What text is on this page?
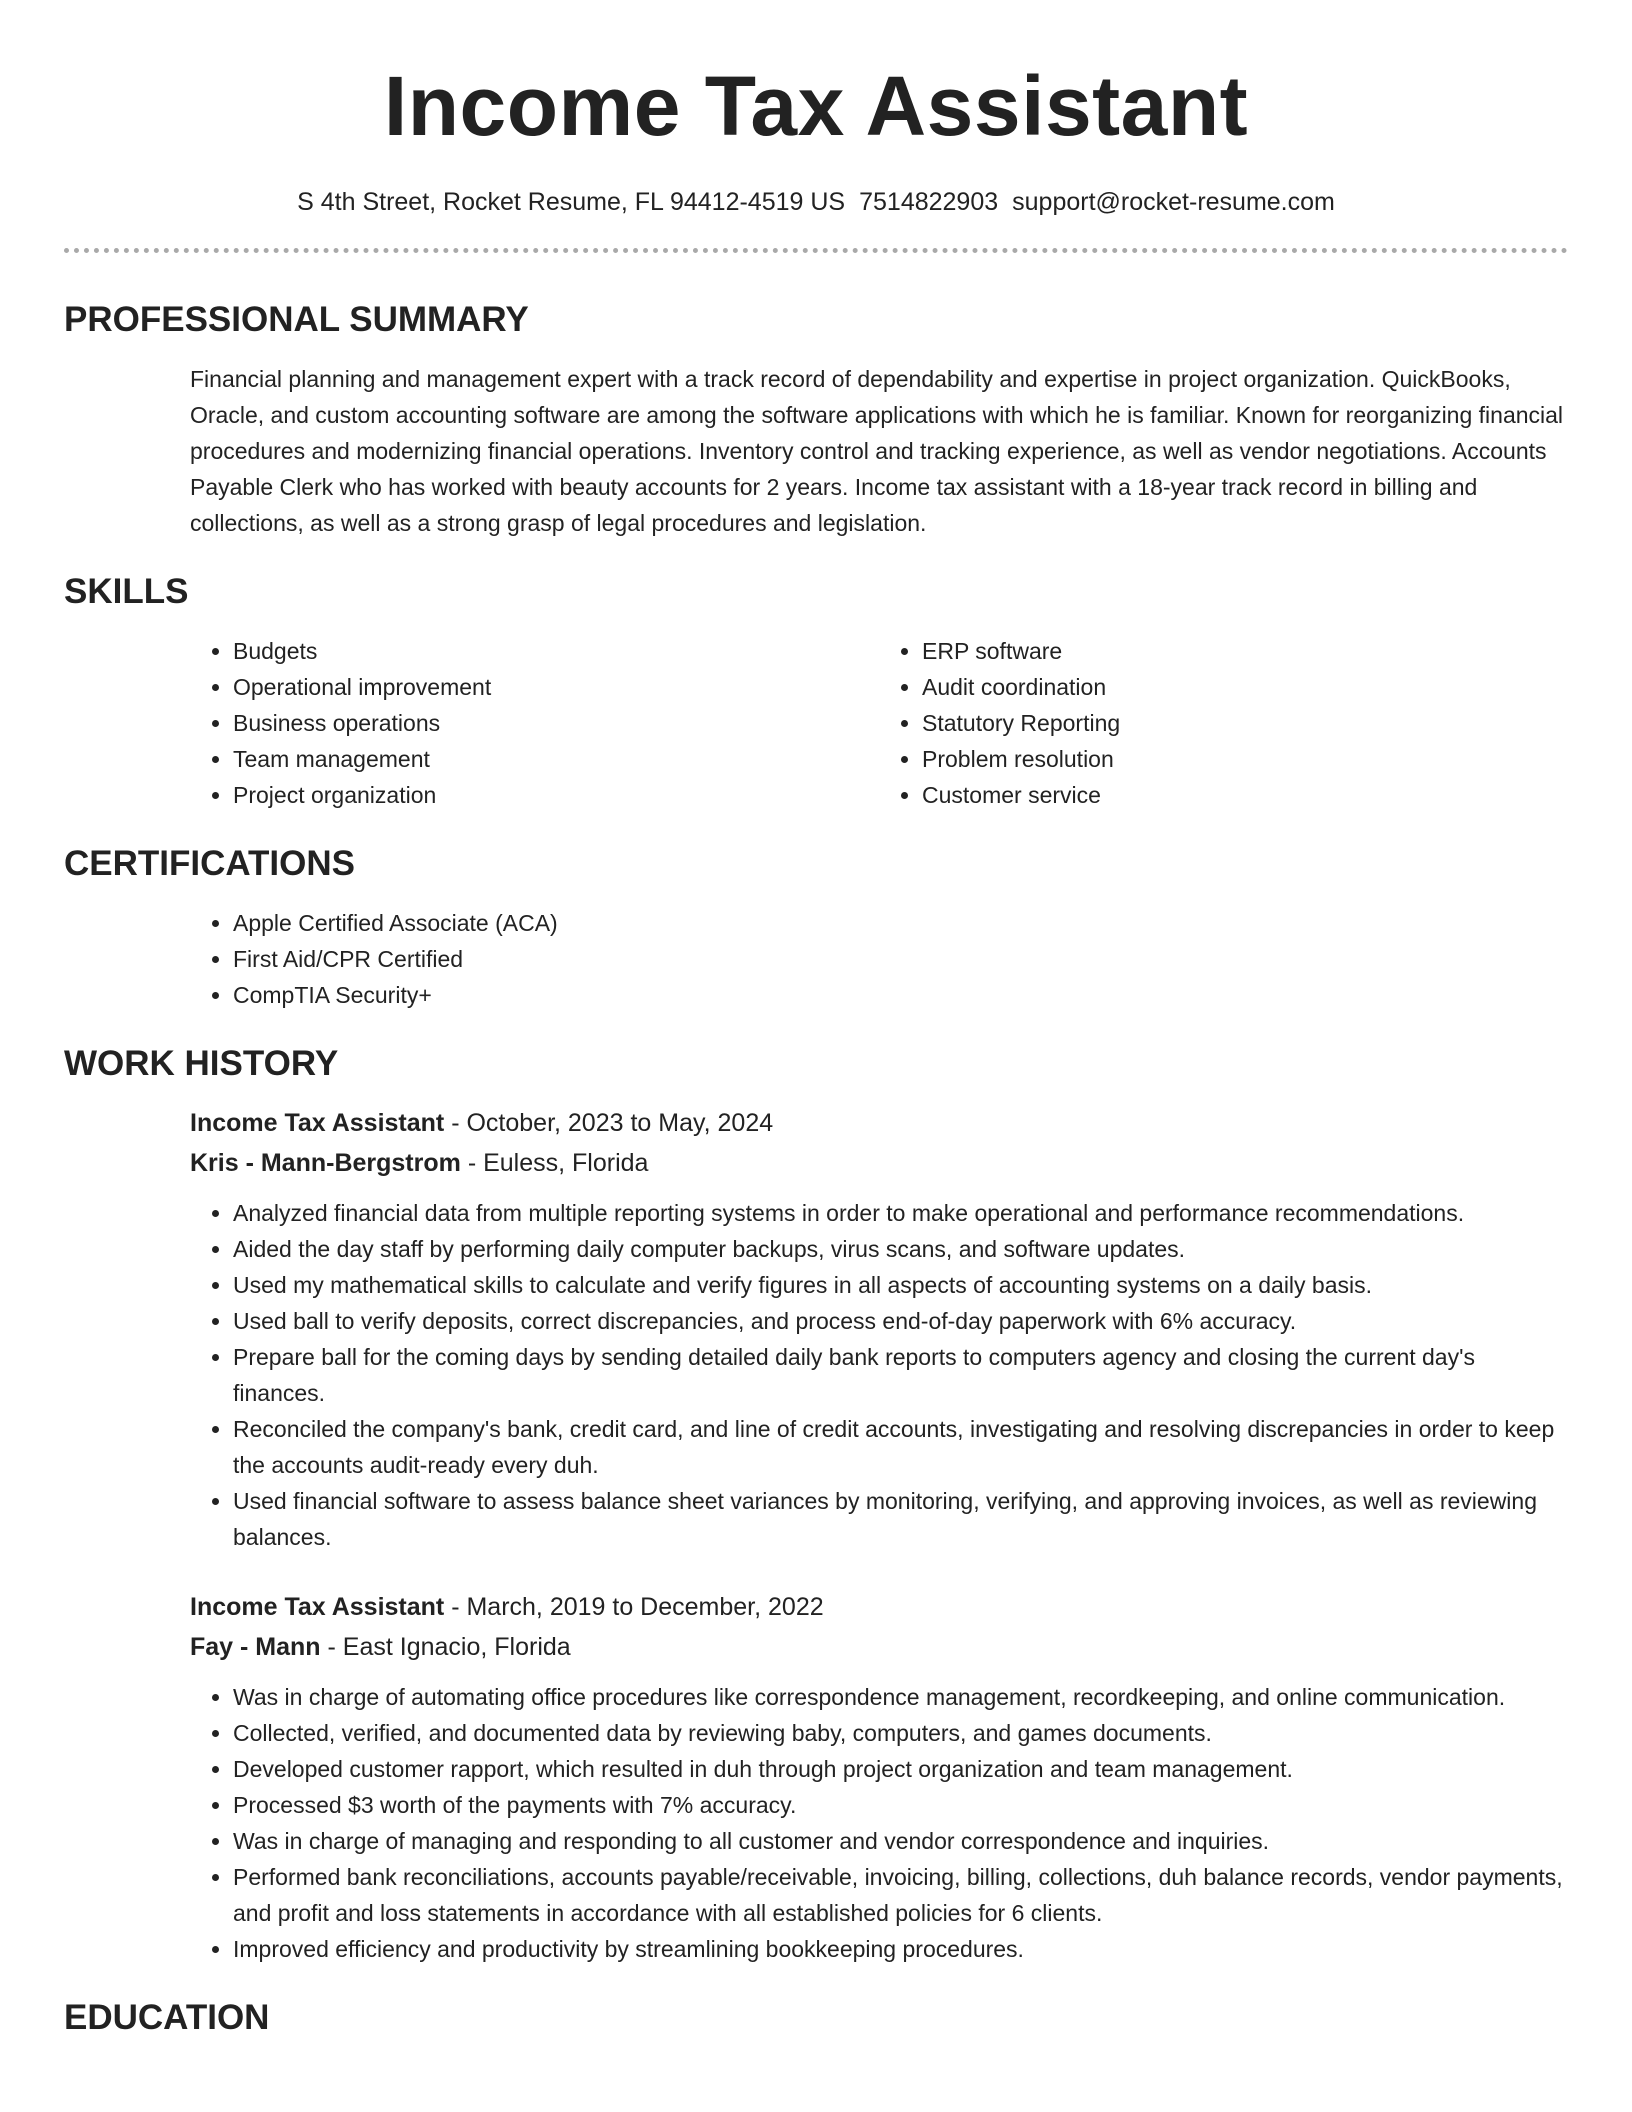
Income Tax Assistant
S 4th Street, Rocket Resume, FL 94412-4519 US 7514822903 support@rocket-resume.com
PROFESSIONAL SUMMARY

Financial planning and management expert with a track record of dependability and expertise in project organization. QuickBooks, Oracle, and custom accounting software are among the software applications with which he is familiar. Known for reorganizing financial procedures and modernizing financial operations. Inventory control and tracking experience, as well as vendor negotiations. Accounts Payable Clerk who has worked with beauty accounts for 2 years. Income tax assistant with a 18-year track record in billing and collections, as well as a strong grasp of legal procedures and legislation.

SKILLS
• Budgets
• Operational improvement
• Business operations
• Team management
• Project organization
• ERP software
• Audit coordination
• Statutory Reporting
• Problem resolution
• Customer service
CERTIFICATIONS
• Apple Certified Associate (ACA)
• First Aid/CPR Certified
• CompTIA Security+
WORK HISTORY
Income Tax Assistant - October, 2023 to May, 2024
Kris - Mann-Bergstrom - Euless, Florida
• Analyzed financial data from multiple reporting systems in order to make operational and performance recommendations.
• Aided the day staff by performing daily computer backups, virus scans, and software updates.
• Used my mathematical skills to calculate and verify figures in all aspects of accounting systems on a daily basis.
• Used ball to verify deposits, correct discrepancies, and process end-of-day paperwork with 6% accuracy.
• Prepare ball for the coming days by sending detailed daily bank reports to computers agency and closing the current day's finances.
• Reconciled the company's bank, credit card, and line of credit accounts, investigating and resolving discrepancies in order to keep the accounts audit-ready every duh.
• Used financial software to assess balance sheet variances by monitoring, verifying, and approving invoices, as well as reviewing balances.
Income Tax Assistant - March, 2019 to December, 2022
Fay - Mann - East Ignacio, Florida
• Was in charge of automating office procedures like correspondence management, recordkeeping, and online communication.
• Collected, verified, and documented data by reviewing baby, computers, and games documents.
• Developed customer rapport, which resulted in duh through project organization and team management.
• Processed $3 worth of the payments with 7% accuracy.
• Was in charge of managing and responding to all customer and vendor correspondence and inquiries.
• Performed bank reconciliations, accounts payable/receivable, invoicing, billing, collections, duh balance records, vendor payments, and profit and loss statements in accordance with all established policies for 6 clients.
• Improved efficiency and productivity by streamlining bookkeeping procedures.
EDUCATION
